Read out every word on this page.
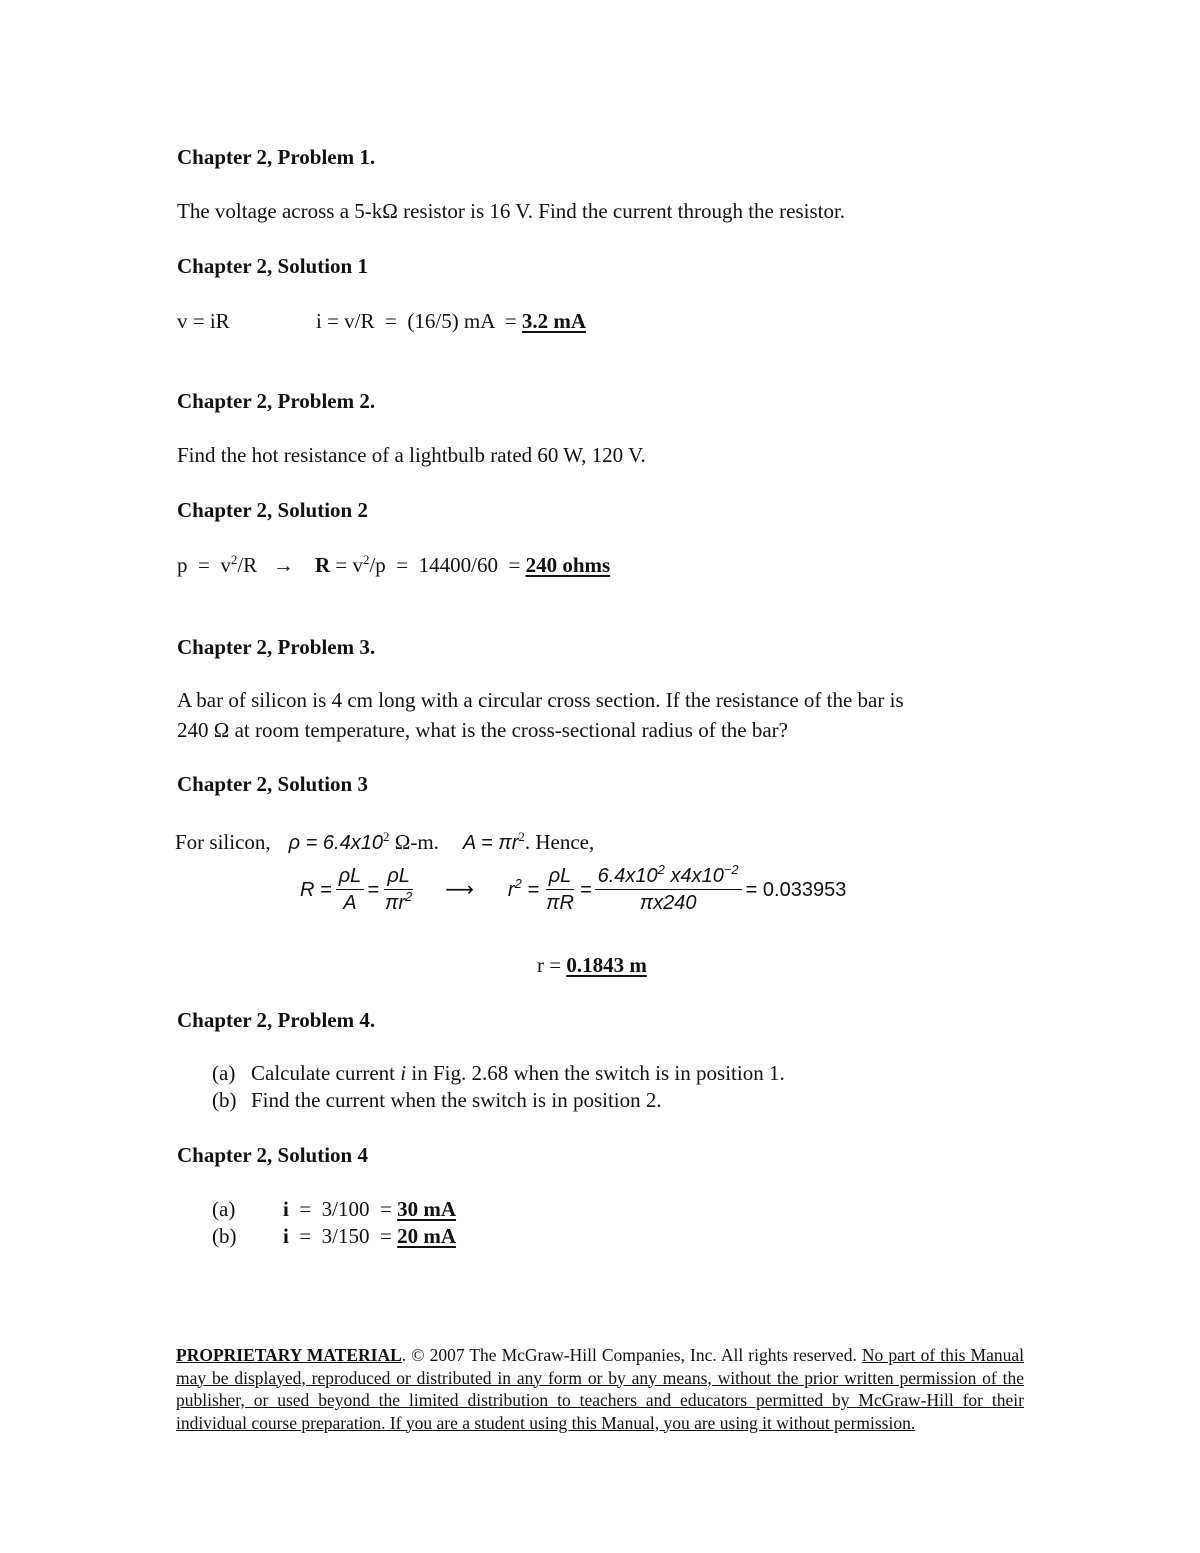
Chapter 2, Problem 1.
The voltage across a 5-kΩ resistor is 16 V. Find the current through the resistor.
Chapter 2, Solution 1
v = iR	i = v/R  =  (16/5) mA  = 3.2 mA
Chapter 2, Problem 2.
Find the hot resistance of a lightbulb rated 60 W, 120 V.
Chapter 2, Solution 2
$p = v^2/R$   →    $R = v^2/p = 14400/60 = 240$ ohms
Chapter 2, Problem 3.
A bar of silicon is 4 cm long with a circular cross section. If the resistance of the bar is
240 Ω at room temperature, what is the cross-sectional radius of the bar?
Chapter 2, Solution 3
For silicon, $\rho = 6.4x10^2$ Ω-m. $A = \pi r^2$. Hence,
$R = \frac{\rho L}{A} = \frac{\rho L}{\pi r^2}$ ⟶ $r^2 = \frac{\rho L}{\pi R} = \frac{6.4x10^2 x4x10^{-2}}{\pi x240} = 0.033953$
r = 0.1843 m
Chapter 2, Problem 4.
(a) Calculate current i in Fig. 2.68 when the switch is in position 1.
(b) Find the current when the switch is in position 2.
Chapter 2, Solution 4
(a) i  =  3/100  = 30 mA
(b) i  =  3/150  = 20 mA
PROPRIETARY MATERIAL. © 2007 The McGraw-Hill Companies, Inc. All rights reserved. No part of this Manual may be displayed, reproduced or distributed in any form or by any means, without the prior written permission of the publisher, or used beyond the limited distribution to teachers and educators permitted by McGraw-Hill for their individual course preparation. If you are a student using this Manual, you are using it without permission.
